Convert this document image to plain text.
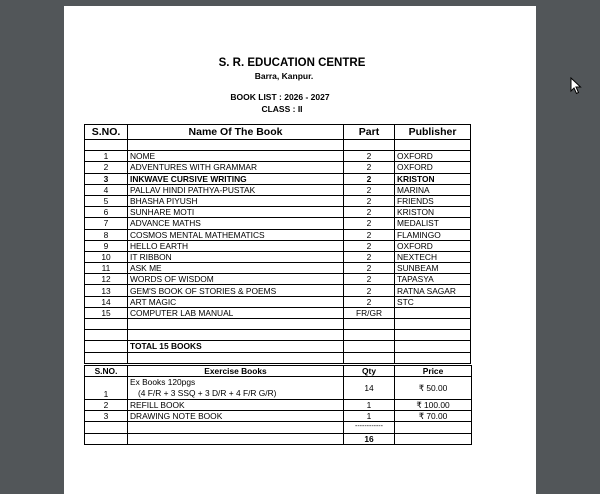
S. R. EDUCATION CENTRE
Barra, Kanpur.
BOOK LIST : 2026 - 2027
CLASS : II
S.NO.	Name Of The Book	Part	Publisher

1	NOME	2	OXFORD
2	ADVENTURES WITH GRAMMAR	2	OXFORD
3	INKWAVE CURSIVE WRITING	2	KRISTON
4	PALLAV HINDI PATHYA-PUSTAK	2	MARINA
5	BHASHA PIYUSH	2	FRIENDS
6	SUNHARE MOTI	2	KRISTON
7	ADVANCE MATHS	2	MEDALIST
8	COSMOS MENTAL MATHEMATICS	2	FLAMINGO
9	HELLO EARTH	2	OXFORD
10	IT RIBBON	2	NEXTECH
11	ASK ME	2	SUNBEAM
12	WORDS OF WISDOM	2	TAPASYA
13	GEM'S BOOK OF STORIES & POEMS	2	RATNA SAGAR
14	ART MAGIC	2	STC
15	COMPUTER LAB MANUAL	FR/GR	

	TOTAL 15 BOOKS		

S.NO.	Exercise Books	Qty	Price
1	Ex Books 120pgs
(4 F/R + 3 SSQ + 3 D/R + 4 F/R G/R)	14	₹ 50.00
2	REFILL BOOK	1	₹ 100.00
3	DRAWING NOTE BOOK	1	₹ 70.00
		------------	
		16	
